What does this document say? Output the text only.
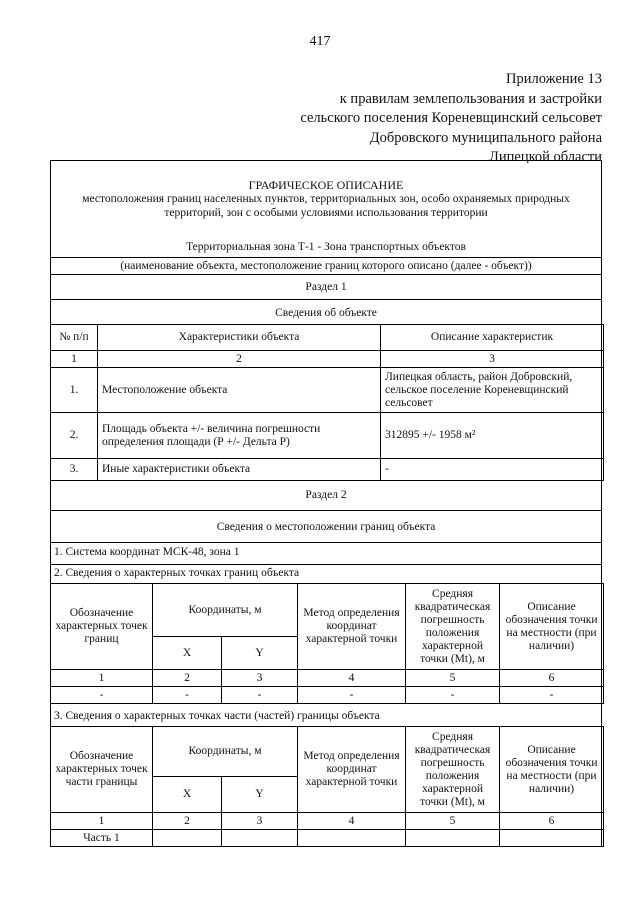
417
Приложение 13
к правилам землепользования и застройки
сельского поселения Кореневщинский сельсовет
Добровского муниципального района
Липецкой области
ГРАФИЧЕСКОЕ ОПИСАНИЕ
местоположения границ населенных пунктов, территориальных зон, особо охраняемых природных
территорий, зон с особыми условиями использования территории
Территориальная зона Т-1 - Зона транспортных объектов
(наименование объекта, местоположение границ которого описано (далее - объект))
Раздел 1
Сведения об объекте
№ п/п	Характеристики объекта	Описание характеристик
1	2	3
1.	Местоположение объекта	Липецкая область, район Добровский, сельское поселение Кореневщинский сельсовет
2.	Площадь объекта +/- величина погрешности определения площади (Р +/- Дельта Р)	312895 +/- 1958 м²
3.	Иные характеристики объекта	-
Раздел 2
Сведения о местоположении границ объекта
1. Система координат МСК-48, зона 1
2. Сведения о характерных точках границ объекта
Обозначение характерных точек границ	Координаты, м		Метод определения координат характерной точки	Средняя квадратическая погрешность положения характерной точки (Mt), м	Описание обозначения точки на местности (при наличии)
	X	Y			
1	2	3	4	5	6
-	-	-	-	-	-
3. Сведения о характерных точках части (частей) границы объекта
Обозначение характерных точек части границы	Координаты, м		Метод определения координат характерной точки	Средняя квадратическая погрешность положения характерной точки (Mt), м	Описание обозначения точки на местности (при наличии)
	X	Y			
1	2	3	4	5	6
Часть 1					
